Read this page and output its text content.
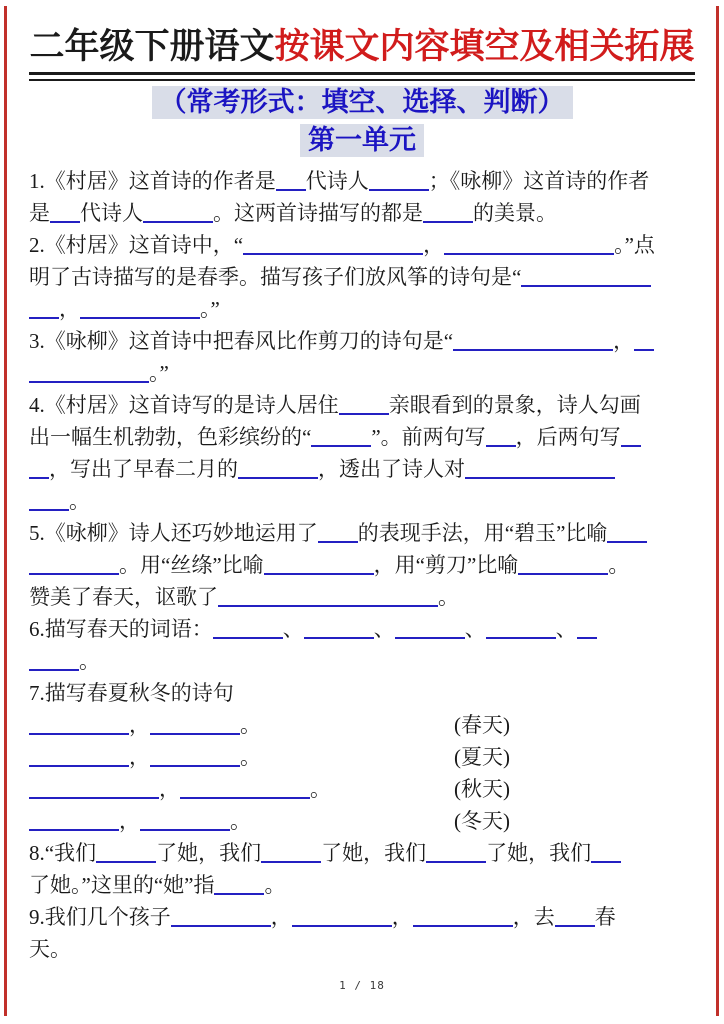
二年级下册语文按课文内容填空及相关拓展
（常考形式：填空、选择、判断）
第一单元
1.《村居》这首诗的作者是 代诗人	；《咏柳》这首诗的作者
是 代诗人	。这两首诗描写的都是 的美景。
2.《村居》这首诗中，“	，	。”点
明了古诗描写的是春季。描写孩子们放风筝的诗句是“
，	。”
3.《咏柳》这首诗中把春风比作剪刀的诗句是“	，
。”
4.《村居》这首诗写的是诗人居住 亲眼看到的景象，诗人勾画
出一幅生机勃勃，色彩缤纷的“	”。前两句写 ，后两句写
，写出了早春二月的	，透出了诗人对
。
5.《咏柳》诗人还巧妙地运用了 的表现手法，用“碧玉”比喻
。用“丝绦”比喻	，用“剪刀”比喻	。
赞美了春天，讴歌了	。
6.描写春天的词语：	、	、	、	、
。
7.描写春夏秋冬的诗句
，	。	(春天)
，	。	(夏天)
，	。	(秋天)
，	。	(冬天)
8.“我们	了她，我们	了她，我们	了她，我们
了她。”这里的“她”指 。
9.我们几个孩子	，	，	，去 春
天。
1 / 18
